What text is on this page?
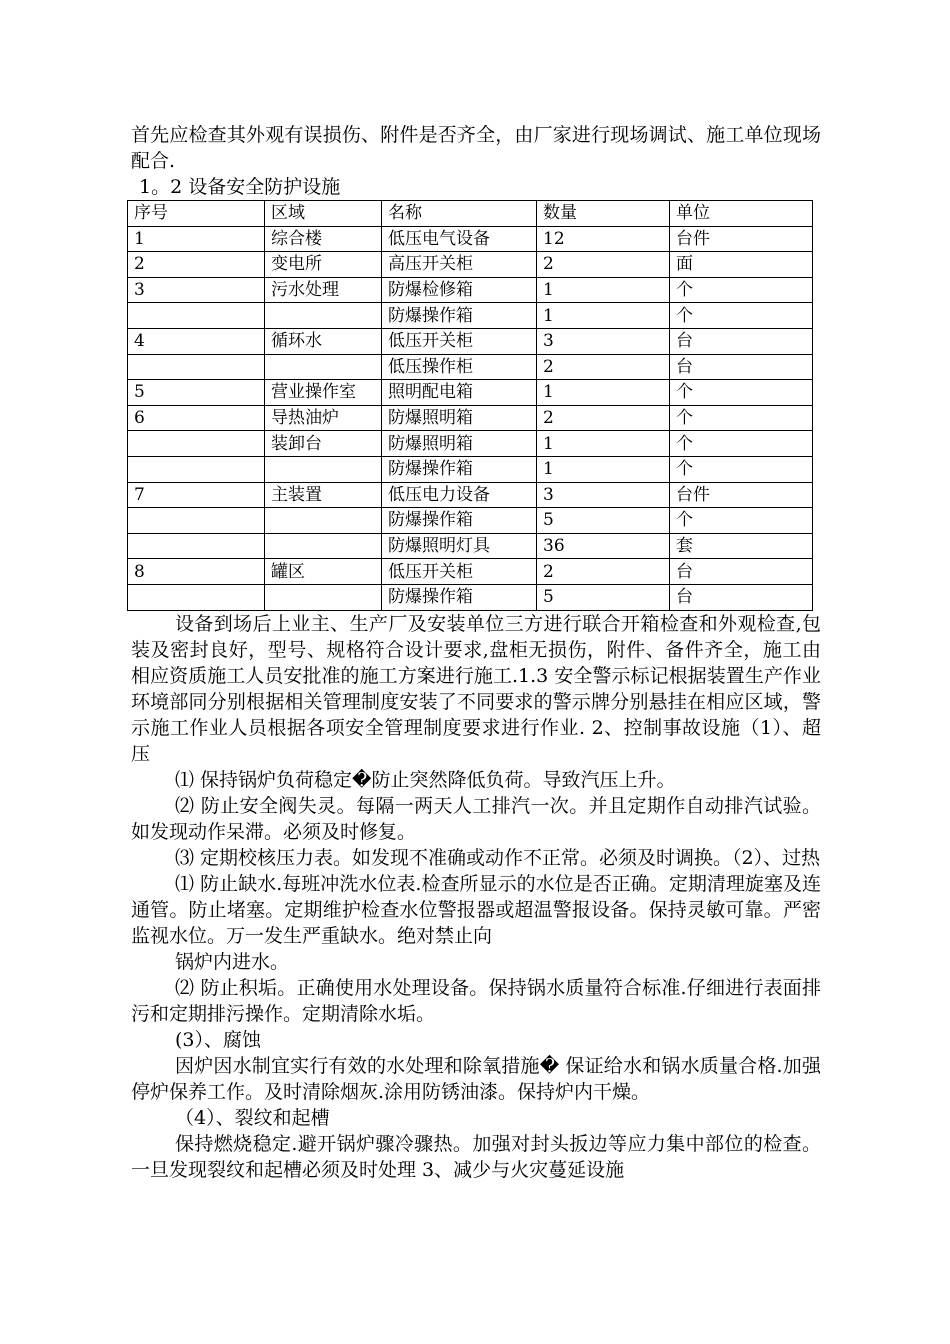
首先应检查其外观有误损伤、附件是否齐全，由厂家进行现场调试、施工单位现场配合.

1。2 设备安全防护设施

序号	区域	名称	数量	单位
1	综合楼	低压电气设备	12	台件
2	变电所	高压开关柜	2	面
3	污水处理	防爆检修箱	1	个
		防爆操作箱	1	个
4	循环水	低压开关柜	3	台
		低压操作柜	2	台
5	营业操作室	照明配电箱	1	个
6	导热油炉	防爆照明箱	2	个
	装卸台	防爆照明箱	1	个
		防爆操作箱	1	个
7	主装置	低压电力设备	3	台件
		防爆操作箱	5	个
		防爆照明灯具	36	套
8	罐区	低压开关柜	2	台
		防爆操作箱	5	台

设备到场后上业主、生产厂及安装单位三方进行联合开箱检查和外观检查,包装及密封良好，型号、规格符合设计要求,盘柜无损伤，附件、备件齐全，施工由相应资质施工人员安批准的施工方案进行施工.1.3 安全警示标记根据装置生产作业环境部同分别根据相关管理制度安装了不同要求的警示牌分别悬挂在相应区域，警示施工作业人员根据各项安全管理制度要求进行作业. 2、控制事故设施（1）、超压

⑴ 保持锅炉负荷稳定�防止突然降低负荷。导致汽压上升。

⑵ 防止安全阀失灵。每隔一两天人工排汽一次。并且定期作自动排汽试验。如发现动作呆滞。必须及时修复。

⑶ 定期校核压力表。如发现不准确或动作不正常。必须及时调换。（2）、过热

⑴ 防止缺水.每班冲洗水位表.检查所显示的水位是否正确。定期清理旋塞及连通管。防止堵塞。定期维护检查水位警报器或超温警报设备。保持灵敏可靠。严密监视水位。万一发生严重缺水。绝对禁止向

锅炉内进水。

⑵ 防止积垢。正确使用水处理设备。保持锅水质量符合标准.仔细进行表面排污和定期排污操作。定期清除水垢。

(3）、腐蚀

因炉因水制宜实行有效的水处理和除氧措施� 保证给水和锅水质量合格.加强停炉保养工作。及时清除烟灰.涂用防锈油漆。保持炉内干燥。

（4）、裂纹和起槽

保持燃烧稳定.避开锅炉骤冷骤热。加强对封头扳边等应力集中部位的检查。一旦发现裂纹和起槽必须及时处理 3、减少与火灾蔓延设施
